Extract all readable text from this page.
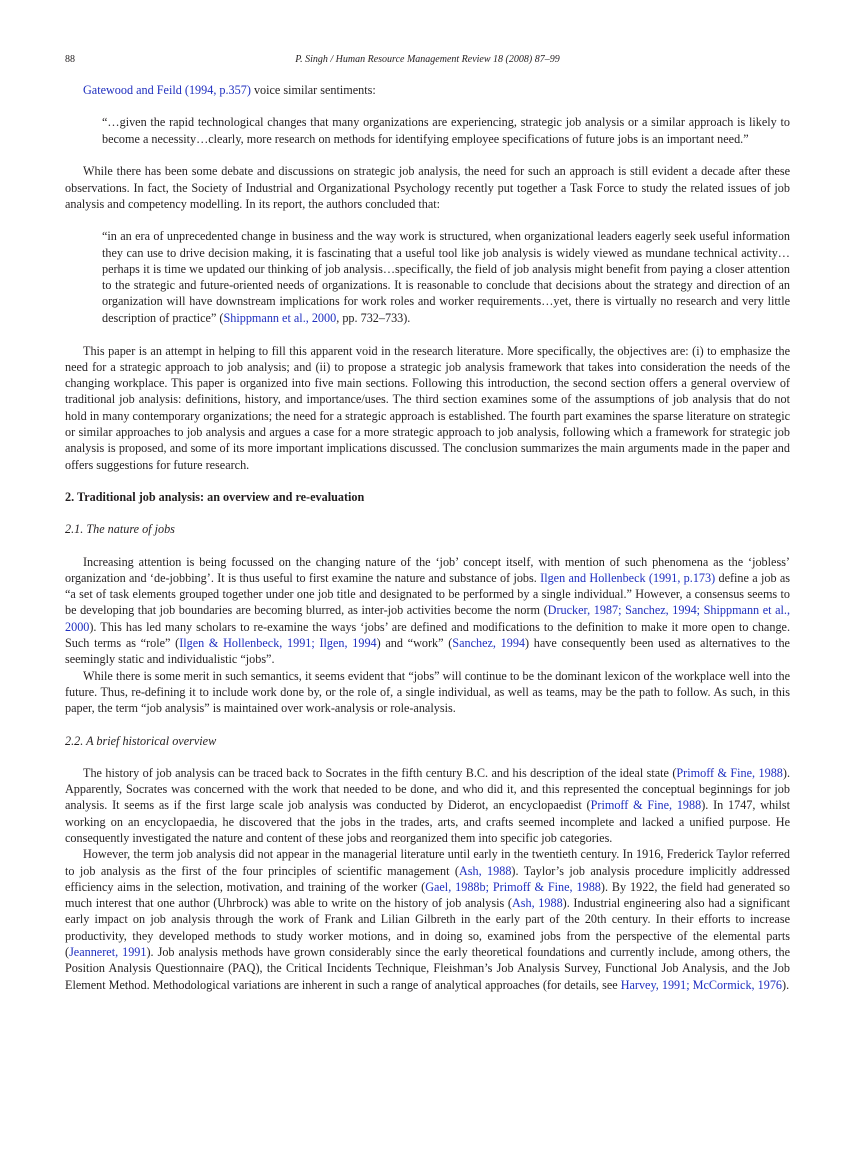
88	P. Singh / Human Resource Management Review 18 (2008) 87–99

Gatewood and Feild (1994, p.357) voice similar sentiments:

“…given the rapid technological changes that many organizations are experiencing, strategic job analysis or a similar approach is likely to become a necessity…clearly, more research on methods for identifying employee specifications of future jobs is an important need.”

While there has been some debate and discussions on strategic job analysis, the need for such an approach is still evident a decade after these observations. In fact, the Society of Industrial and Organizational Psychology recently put together a Task Force to study the related issues of job analysis and competency modelling. In its report, the authors concluded that:

“in an era of unprecedented change in business and the way work is structured, when organizational leaders eagerly seek useful information they can use to drive decision making, it is fascinating that a useful tool like job analysis is widely viewed as mundane technical activity…perhaps it is time we updated our thinking of job analysis…specifically, the field of job analysis might benefit from paying a closer attention to the strategic and future-oriented needs of organizations. It is reasonable to conclude that decisions about the strategy and direction of an organization will have downstream implications for work roles and worker requirements…yet, there is virtually no research and very little description of practice” (Shippmann et al., 2000, pp. 732–733).

This paper is an attempt in helping to fill this apparent void in the research literature. More specifically, the objectives are: (i) to emphasize the need for a strategic approach to job analysis; and (ii) to propose a strategic job analysis framework that takes into consideration the needs of the changing workplace. This paper is organized into five main sections. Following this introduction, the second section offers a general overview of traditional job analysis: definitions, history, and importance/uses. The third section examines some of the assumptions of job analysis that do not hold in many contemporary organizations; the need for a strategic approach is established. The fourth part examines the sparse literature on strategic or similar approaches to job analysis and argues a case for a more strategic approach to job analysis, following which a framework for strategic job analysis is proposed, and some of its more important implications discussed. The conclusion summarizes the main arguments made in the paper and offers suggestions for future research.

2. Traditional job analysis: an overview and re-evaluation
2.1. The nature of jobs

Increasing attention is being focussed on the changing nature of the ‘job’ concept itself, with mention of such phenomena as the ‘jobless’ organization and ‘de-jobbing’. It is thus useful to first examine the nature and substance of jobs. Ilgen and Hollenbeck (1991, p.173) define a job as “a set of task elements grouped together under one job title and designated to be performed by a single individual.” However, a consensus seems to be developing that job boundaries are becoming blurred, as inter-job activities become the norm (Drucker, 1987; Sanchez, 1994; Shippmann et al., 2000). This has led many scholars to re-examine the ways ‘jobs’ are defined and modifications to the definition to make it more open to change. Such terms as “role” (Ilgen & Hollenbeck, 1991; Ilgen, 1994) and “work” (Sanchez, 1994) have consequently been used as alternatives to the seemingly static and individualistic “jobs”.

While there is some merit in such semantics, it seems evident that “jobs” will continue to be the dominant lexicon of the workplace well into the future. Thus, re-defining it to include work done by, or the role of, a single individual, as well as teams, may be the path to follow. As such, in this paper, the term “job analysis” is maintained over work-analysis or role-analysis.

2.2. A brief historical overview

The history of job analysis can be traced back to Socrates in the fifth century B.C. and his description of the ideal state (Primoff & Fine, 1988). Apparently, Socrates was concerned with the work that needed to be done, and who did it, and this represented the conceptual beginnings for job analysis. It seems as if the first large scale job analysis was conducted by Diderot, an encyclopaedist (Primoff & Fine, 1988). In 1747, whilst working on an encyclopaedia, he discovered that the jobs in the trades, arts, and crafts seemed incomplete and lacked a unified purpose. He consequently investigated the nature and content of these jobs and reorganized them into specific job categories.

However, the term job analysis did not appear in the managerial literature until early in the twentieth century. In 1916, Frederick Taylor referred to job analysis as the first of the four principles of scientific management (Ash, 1988). Taylor’s job analysis procedure implicitly addressed efficiency aims in the selection, motivation, and training of the worker (Gael, 1988b; Primoff & Fine, 1988). By 1922, the field had generated so much interest that one author (Uhrbrock) was able to write on the history of job analysis (Ash, 1988). Industrial engineering also had a significant early impact on job analysis through the work of Frank and Lilian Gilbreth in the early part of the 20th century. In their efforts to increase productivity, they developed methods to study worker motions, and in doing so, examined jobs from the perspective of the elemental parts (Jeanneret, 1991). Job analysis methods have grown considerably since the early theoretical foundations and currently include, among others, the Position Analysis Questionnaire (PAQ), the Critical Incidents Technique, Fleishman’s Job Analysis Survey, Functional Job Analysis, and the Job Element Method. Methodological variations are inherent in such a range of analytical approaches (for details, see Harvey, 1991; McCormick, 1976).
